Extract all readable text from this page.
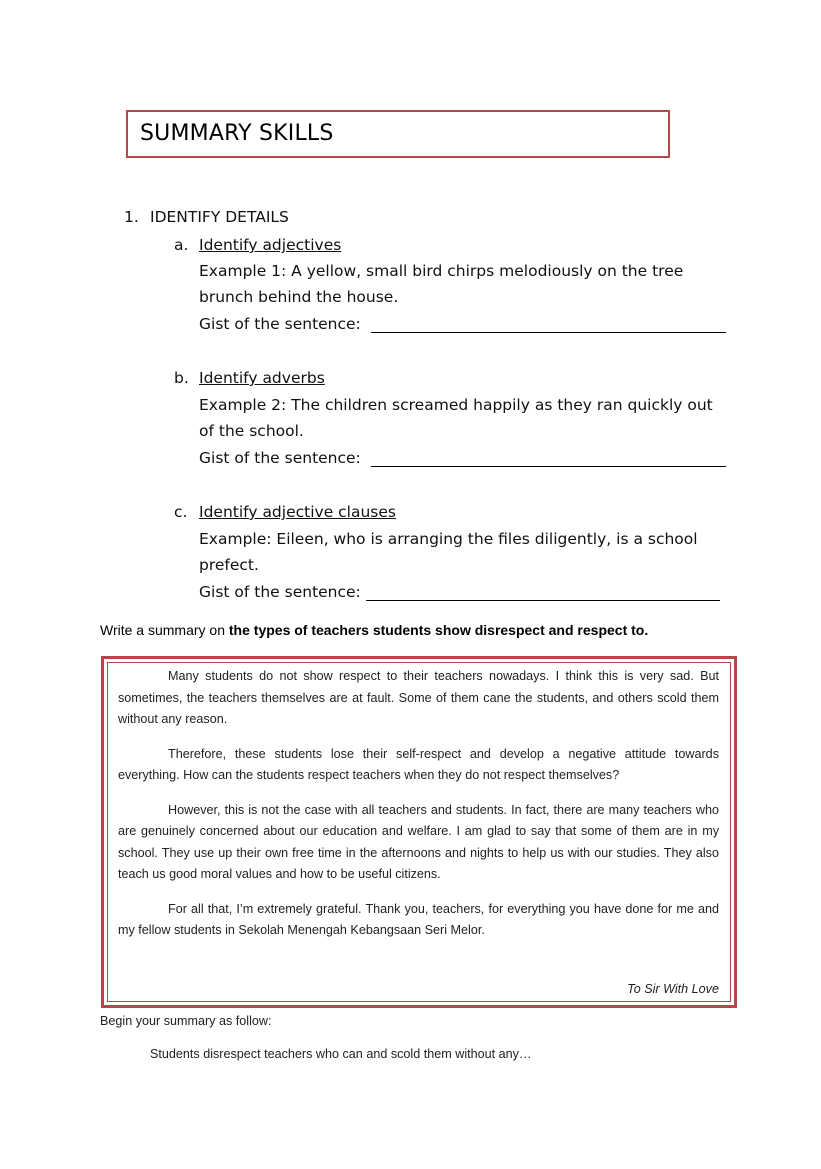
SUMMARY SKILLS
1. IDENTIFY DETAILS
a. Identify adjectives
Example 1: A yellow, small bird chirps melodiously on the tree
brunch behind the house.
Gist of the sentence:
b. Identify adverbs
Example 2: The children screamed happily as they ran quickly out
of the school.
Gist of the sentence:
c. Identify adjective clauses
Example: Eileen, who is arranging the files diligently, is a school
prefect.
Gist of the sentence:
Write a summary on the types of teachers students show disrespect and respect to.

Many students do not show respect to their teachers nowadays. I think this is very sad. But sometimes, the teachers themselves are at fault. Some of them cane the students, and others scold them without any reason.

Therefore, these students lose their self-respect and develop a negative attitude towards everything. How can the students respect teachers when they do not respect themselves?

However, this is not the case with all teachers and students. In fact, there are many teachers who are genuinely concerned about our education and welfare. I am glad to say that some of them are in my school. They use up their own free time in the afternoons and nights to help us with our studies. They also teach us good moral values and how to be useful citizens.

For all that, I’m extremely grateful. Thank you, teachers, for everything you have done for me and my fellow students in Sekolah Menengah Kebangsaan Seri Melor.

To Sir With Love
Begin your summary as follow:
Students disrespect teachers who can and scold them without any…
